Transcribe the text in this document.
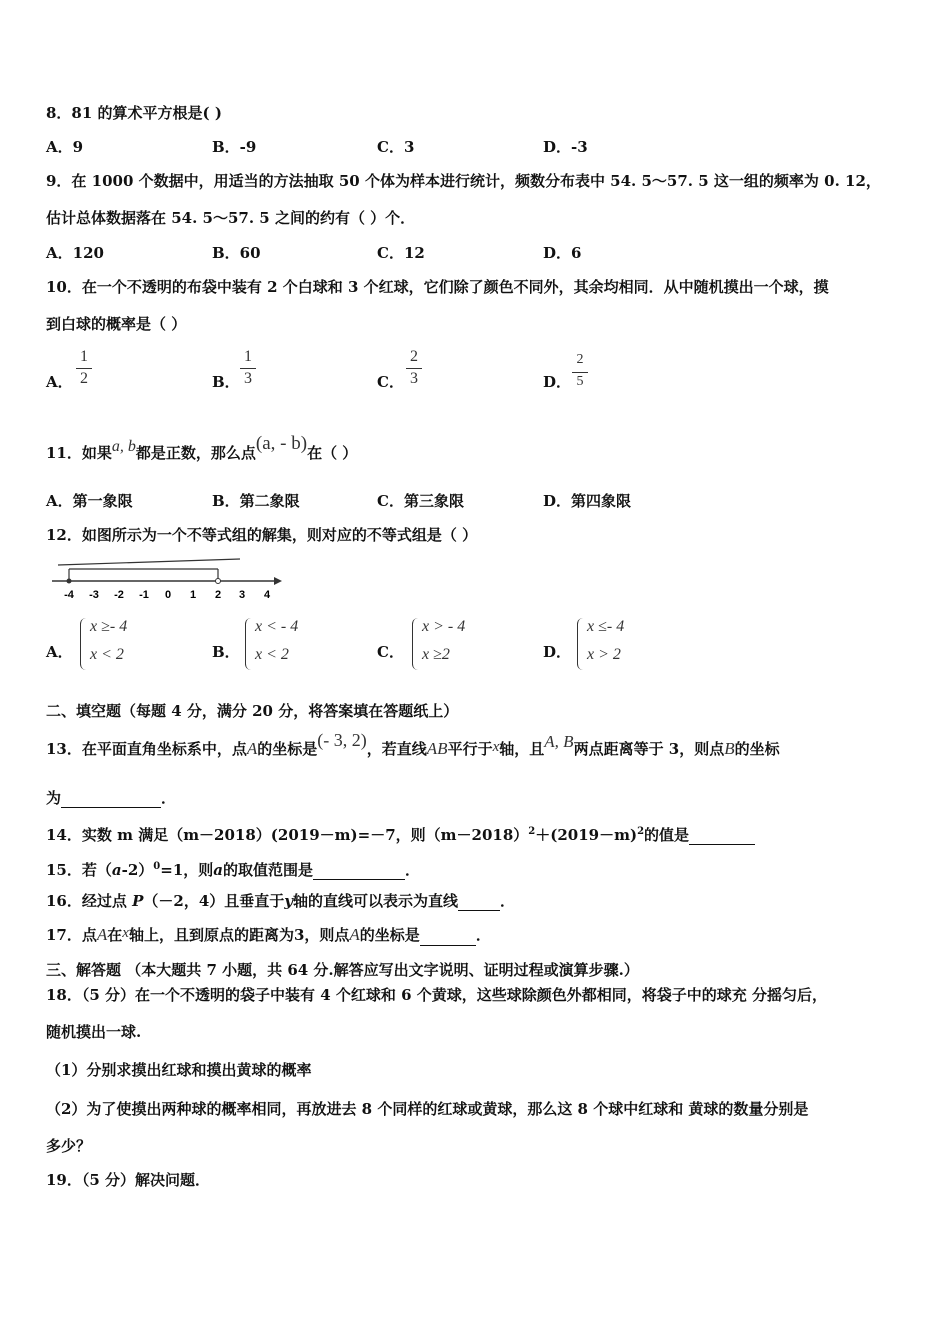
8．81 的算术平方根是( )
A．9	B．-9	C．3	D．-3
9．在 1000 个数据中，用适当的方法抽取 50 个体为样本进行统计，频数分布表中 54. 5～57. 5 这一组的频率为 0. 12，
估计总体数据落在 54. 5～57. 5 之间的约有（ ）个．
A．120	B．60	C．12	D．6
10．在一个不透明的布袋中装有 2 个白球和 3 个红球，它们除了颜色不同外，其余均相同．从中随机摸出一个球，摸
到白球的概率是（ ）
A．
1
2	B．
1
3	C．
2
3	D．
2
5
11．如果a, b都是正数，那么点(a, - b)在（ ）
A．第一象限	B．第二象限	C．第三象限	D．第四象限
12．如图所示为一个不等式组的解集，则对应的不等式组是（ ）
-4 -3 -2 -1 0 1 2 3 4
A．
x ≥- 4
x < 2	B．
x < - 4
x < 2	C．
x > - 4
x ≥2	D．
x ≤- 4
x > 2
二、填空题（每题 4 分，满分 20 分，将答案填在答题纸上）
13．在平面直角坐标系中，点A的坐标是(- 3, 2)，若直线AB平行于x轴，且A, B两点距离等于 3，则点B的坐标
为	．
14．实数 m 满足（m－2018）(2019－m)=－7，则$(m-2018)^2+(2019-m)^2$的值是
15．若$(a-2)^0=1$，则a的取值范围是	．
16．经过点 P（－2，4）且垂直于y轴的直线可以表示为直线	．
17．点A在x轴上，且到原点的距离为3，则点A的坐标是	．
三、解答题 （本大题共 7 小题，共 64 分.解答应写出文字说明、证明过程或演算步骤.）
18．（5 分）在一个不透明的袋子中装有 4 个红球和 6 个黄球，这些球除颜色外都相同，将袋子中的球充 分摇匀后，
随机摸出一球.
（1）分别求摸出红球和摸出黄球的概率
（2）为了使摸出两种球的概率相同，再放进去 8 个同样的红球或黄球，那么这 8 个球中红球和 黄球的数量分别是
多少？
19．（5 分）解决问题．
